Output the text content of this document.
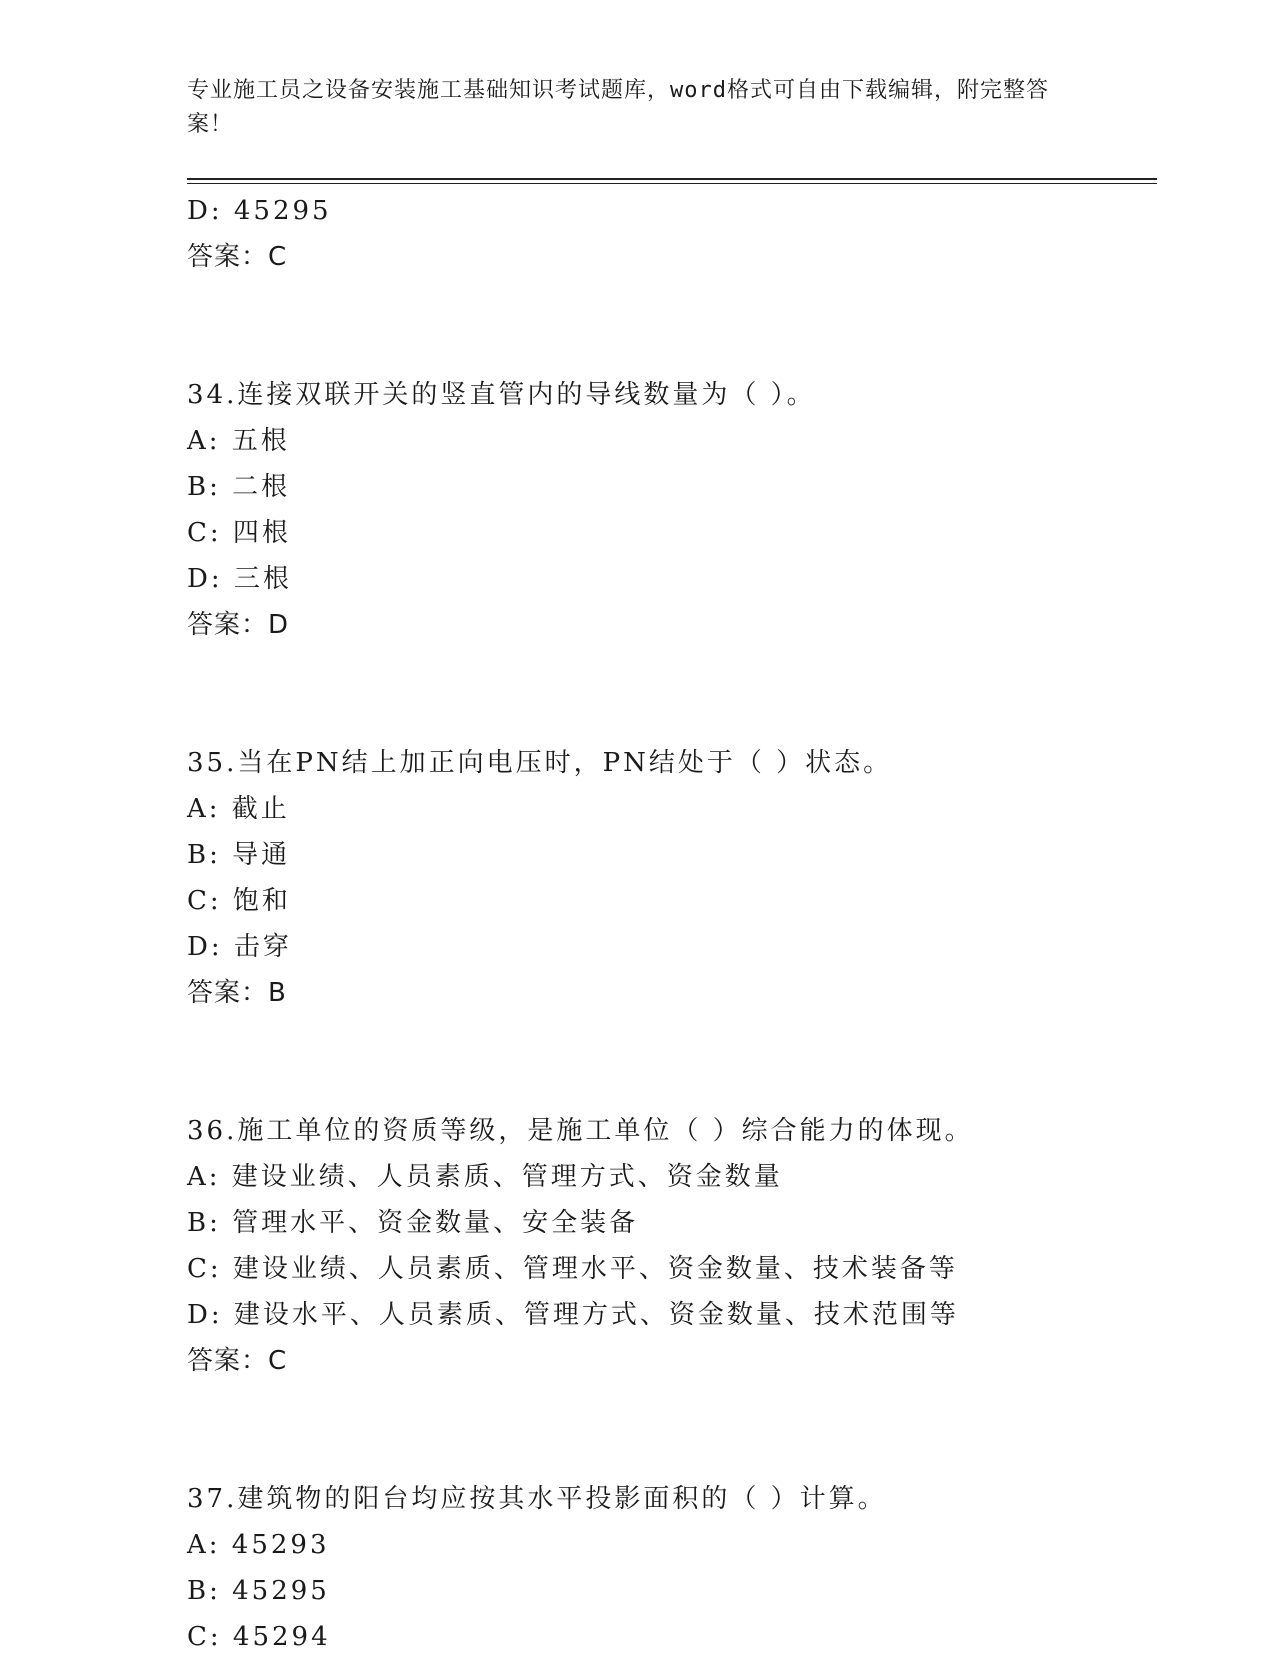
专业施工员之设备安装施工基础知识考试题库，word格式可自由下载编辑，附完整答案！
D: 45295
答案：C
34.连接双联开关的竖直管内的导线数量为（ ）。
A: 五根
B: 二根
C: 四根
D: 三根
答案：D
35.当在PN结上加正向电压时，PN结处于（ ）状态。
A: 截止
B: 导通
C: 饱和
D: 击穿
答案：B
36.施工单位的资质等级，是施工单位（ ）综合能力的体现。
A: 建设业绩、人员素质、管理方式、资金数量
B: 管理水平、资金数量、安全装备
C: 建设业绩、人员素质、管理水平、资金数量、技术装备等
D: 建设水平、人员素质、管理方式、资金数量、技术范围等
答案：C
37.建筑物的阳台均应按其水平投影面积的（ ）计算。
A: 45293
B: 45295
C: 45294
